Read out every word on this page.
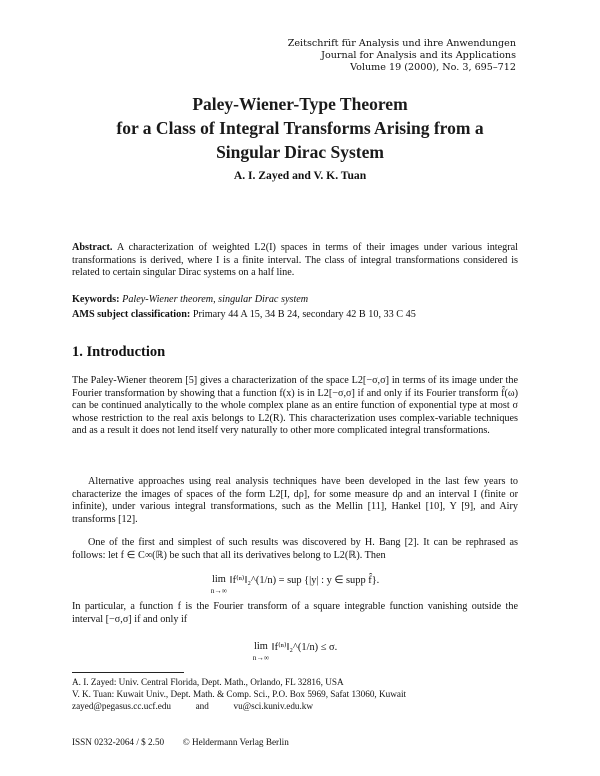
Zeitschrift für Analysis und ihre Anwendungen
Journal for Analysis and its Applications
Volume 19 (2000), No. 3, 695–712
Paley-Wiener-Type Theorem
for a Class of Integral Transforms Arising from a
Singular Dirac System
A. I. Zayed and V. K. Tuan
Abstract. A characterization of weighted L2(I) spaces in terms of their images under various integral transformations is derived, where I is a finite interval. The class of integral transformations considered is related to certain singular Dirac systems on a half line.
Keywords: Paley-Wiener theorem, singular Dirac system
AMS subject classification: Primary 44 A 15, 34 B 24, secondary 42 B 10, 33 C 45
1. Introduction
The Paley-Wiener theorem [5] gives a characterization of the space L2[−σ,σ] in terms of its image under the Fourier transformation by showing that a function f(x) is in L2[−σ,σ] if and only if its Fourier transform f̂(ω) can be continued analytically to the whole complex plane as an entire function of exponential type at most σ whose restriction to the real axis belongs to L2(R). This characterization uses complex-variable techniques and as a result it does not lend itself very naturally to other more complicated integral transformations.
Alternative approaches using real analysis techniques have been developed in the last few years to characterize the images of spaces of the form L2[I, dρ], for some measure dρ and an interval I (finite or infinite), under various integral transformations, such as the Mellin [11], Hankel [10], Y [9], and Airy transforms [12].
One of the first and simplest of such results was discovered by H. Bang [2]. It can be rephrased as follows: let f ∈ C∞(ℝ) be such that all its derivatives belong to L2(ℝ). Then
lim
n→∞
‖f⁽ⁿ⁾‖₂^(1/n) = sup {|y| : y ∈ supp f̂}.
In particular, a function f is the Fourier transform of a square integrable function vanishing outside the interval [−σ,σ] if and only if
lim
n→∞
‖f⁽ⁿ⁾‖₂^(1/n) ≤ σ.
A. I. Zayed: Univ. Central Florida, Dept. Math., Orlando, FL 32816, USA
V. K. Tuan: Kuwait Univ., Dept. Math. & Comp. Sci., P.O. Box 5969, Safat 13060, Kuwait
zayed@pegasus.cc.ucf.edu	and	vu@sci.kuniv.edu.kw
ISSN 0232-2064 / $ 2.50 © Heldermann Verlag Berlin
